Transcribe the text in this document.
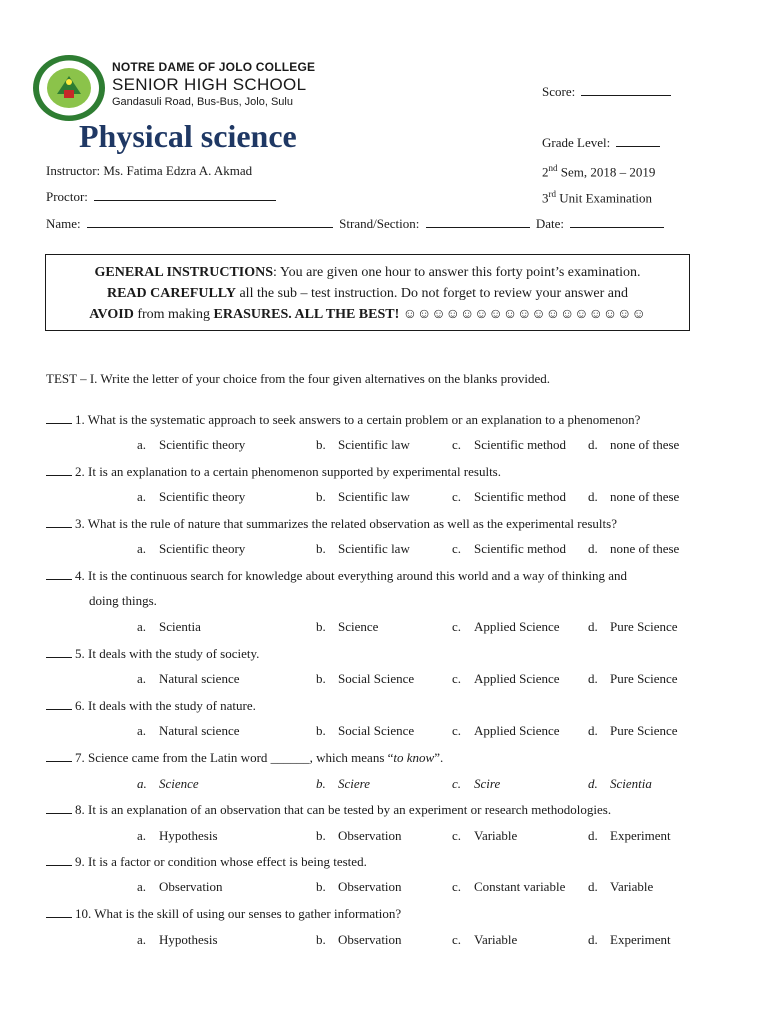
NOTRE DAME OF JOLO COLLEGE
SENIOR HIGH SCHOOL
Gandasuli Road, Bus-Bus, Jolo, Sulu
Physical science
Score:
Grade Level:
2nd Sem, 2018 – 2019
3rd Unit Examination
Instructor: Ms. Fatima Edzra A. Akmad
Proctor:
Name:	Strand/Section:	Date:
GENERAL INSTRUCTIONS: You are given one hour to answer this forty point’s examination.
READ CAREFULLY all the sub – test instruction. Do not forget to review your answer and
AVOID from making ERASURES. ALL THE BEST! ☺☺☺☺☺☺☺☺☺☺☺☺☺☺☺☺☺
TEST – I. Write the letter of your choice from the four given alternatives on the blanks provided.
1. What is the systematic approach to seek answers to a certain problem or an explanation to a phenomenon?
a. Scientific theory	b. Scientific law	c. Scientific method d. none of these
2. It is an explanation to a certain phenomenon supported by experimental results.
a. Scientific theory	b. Scientific law	c. Scientific method d. none of these
3. What is the rule of nature that summarizes the related observation as well as the experimental results?
a. Scientific theory	b. Scientific law	c. Scientific method d. none of these
4. It is the continuous search for knowledge about everything around this world and a way of thinking and
doing things.
a. Scientia	b. Science	c. Applied Science d. Pure Science
5. It deals with the study of society.
a. Natural science	b. Social Science	c. Applied Science d. Pure Science
6. It deals with the study of nature.
a. Natural science	b. Social Science	c. Applied Science d. Pure Science
7. Science came from the Latin word ______, which means “to know”.
a. Science	b. Sciere	c. Scire	d. Scientia
8. It is an explanation of an observation that can be tested by an experiment or research methodologies.
a. Hypothesis	b. Observation	c. Variable	d. Experiment
9. It is a factor or condition whose effect is being tested.
a. Observation	b. Observation	c. Constant variable d. Variable
10. What is the skill of using our senses to gather information?
a. Hypothesis	b. Observation	c. Variable	d. Experiment
